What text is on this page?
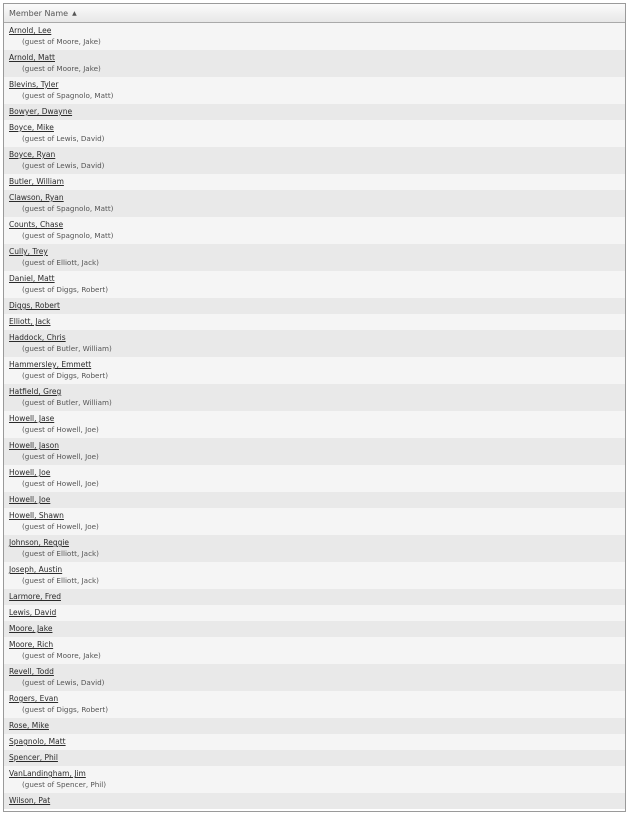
Member Name ▲
Arnold, Lee
(guest of Moore, Jake)
Arnold, Matt
(guest of Moore, Jake)
Blevins, Tyler
(guest of Spagnolo, Matt)
Bowyer, Dwayne
Boyce, Mike
(guest of Lewis, David)
Boyce, Ryan
(guest of Lewis, David)
Butler, William
Clawson, Ryan
(guest of Spagnolo, Matt)
Counts, Chase
(guest of Spagnolo, Matt)
Cully, Trey
(guest of Elliott, Jack)
Daniel, Matt
(guest of Diggs, Robert)
Diggs, Robert
Elliott, Jack
Haddock, Chris
(guest of Butler, William)
Hammersley, Emmett
(guest of Diggs, Robert)
Hatfield, Greg
(guest of Butler, William)
Howell, Jase
(guest of Howell, Joe)
Howell, Jason
(guest of Howell, Joe)
Howell, Joe
(guest of Howell, Joe)
Howell, Joe
Howell, Shawn
(guest of Howell, Joe)
Johnson, Reggie
(guest of Elliott, Jack)
Joseph, Austin
(guest of Elliott, Jack)
Larmore, Fred
Lewis, David
Moore, Jake
Moore, Rich
(guest of Moore, Jake)
Revell, Todd
(guest of Lewis, David)
Rogers, Evan
(guest of Diggs, Robert)
Rose, Mike
Spagnolo, Matt
Spencer, Phil
VanLandingham, Jim
(guest of Spencer, Phil)
Wilson, Pat
